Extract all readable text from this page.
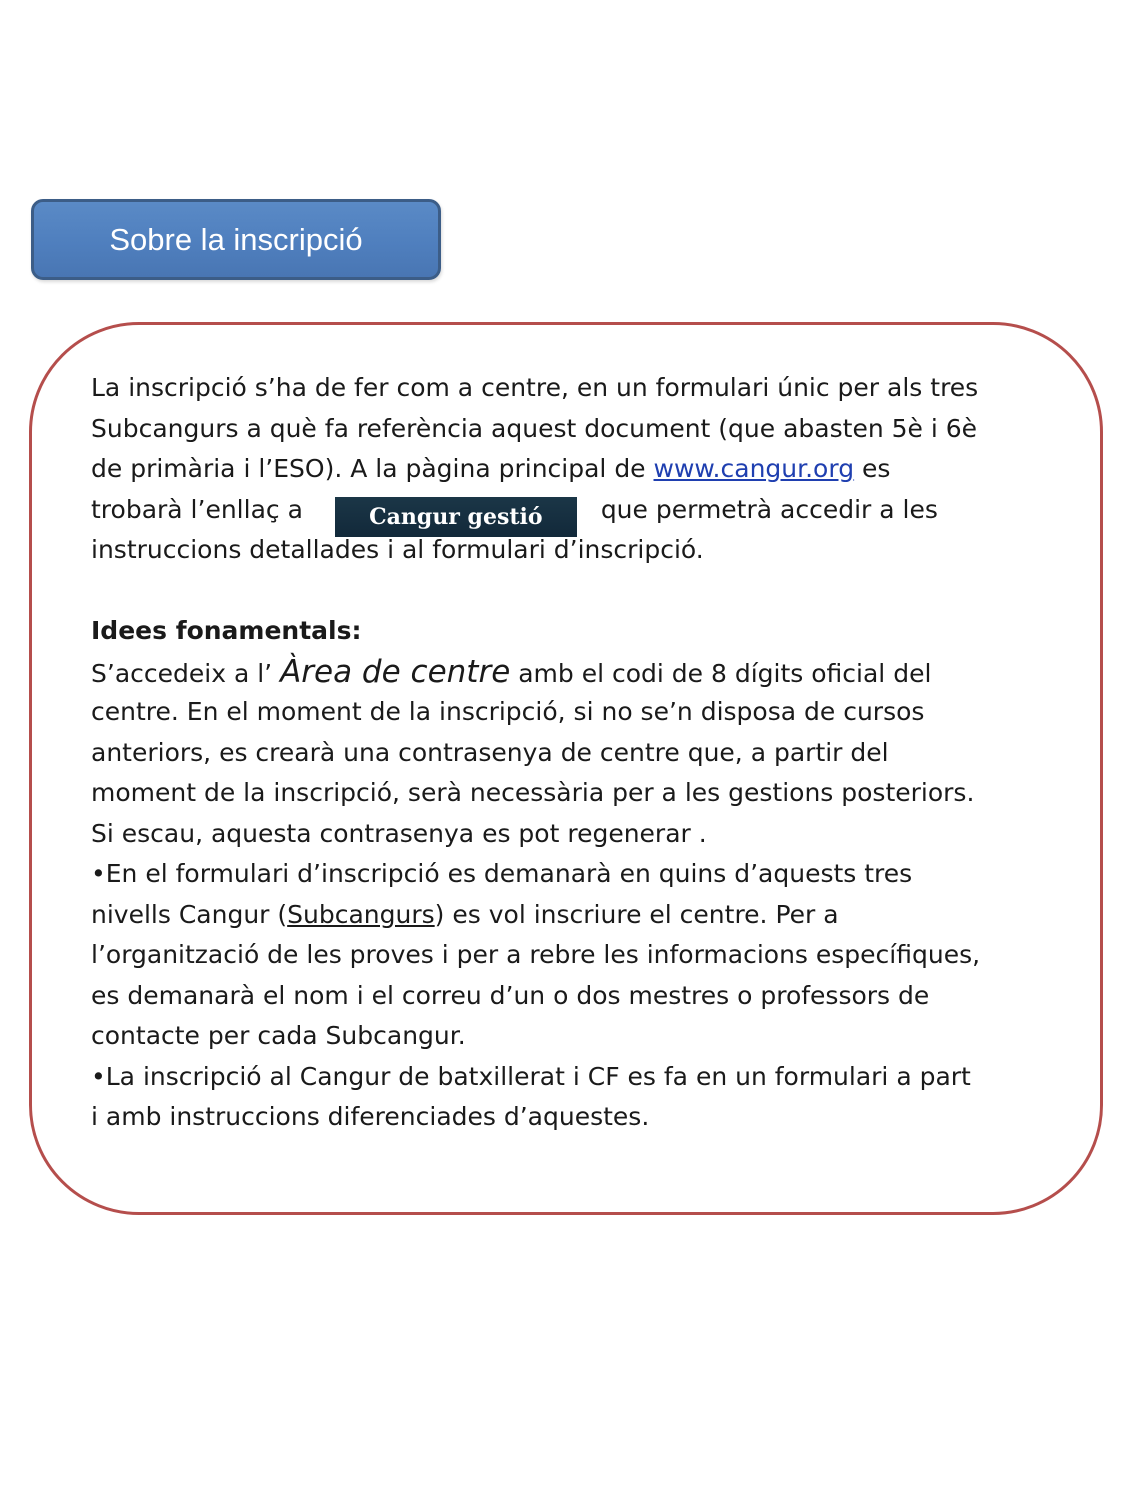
Sobre la inscripció
La inscripció s’ha de fer com a centre, en un formulari únic per als tres
Subcangurs a què fa referència aquest document (que abasten 5è i 6è
de primària i l’ESO). A la pàgina principal de www.cangur.org es
trobarà l’enllaç a	Cangur gestió que permetrà accedir a les
instruccions detallades i al formulari d’inscripció.
Idees fonamentals:
S’accedeix a l’ Àrea de centre amb el codi de 8 dígits oficial del
centre. En el moment de la inscripció, si no se’n disposa de cursos
anteriors, es crearà una contrasenya de centre que, a partir del
moment de la inscripció, serà necessària per a les gestions posteriors.
Si escau, aquesta contrasenya es pot regenerar .
•En el formulari d’inscripció es demanarà en quins d’aquests tres
nivells Cangur (Subcangurs) es vol inscriure el centre. Per a
l’organització de les proves i per a rebre les informacions específiques,
es demanarà el nom i el correu d’un o dos mestres o professors de
contacte per cada Subcangur.
•La inscripció al Cangur de batxillerat i CF es fa en un formulari a part
i amb instruccions diferenciades d’aquestes.
